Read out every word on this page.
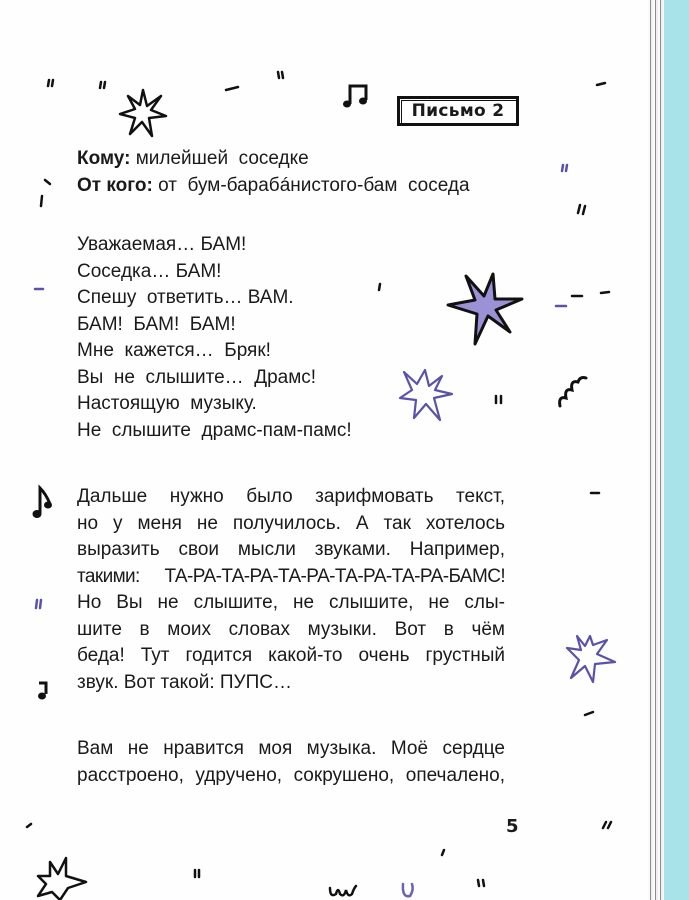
Письмо 2
Кому: милейшей  соседке
От кого: от  бум-барабáнистого-бам  соседа
Уважаемая… БАМ!
Соседка… БАМ!
Спешу  ответить… ВАМ.
БАМ!  БАМ!  БАМ!
Мне  кажется…  Бряк!
Вы  не  слышите…  Драмс!
Настоящую  музыку.
Не  слышите  драмс-пам-памс!
Дальше нужно было зарифмовать текст,
но у меня не получилось. А так хотелось
выразить свои мысли звуками. Например,
такими: ТА-РА-ТА-РА-ТА-РА-ТА-РА-ТА-РА-БАМС!
Но Вы не слышите, не слышите, не слы-
шите в моих словах музыки. Вот в чём
беда! Тут годится какой-то очень грустный
звук. Вот такой: ПУПС…
Вам не нравится моя музыка. Моё сердце
расстроено, удручено, сокрушено, опечалено,
5
